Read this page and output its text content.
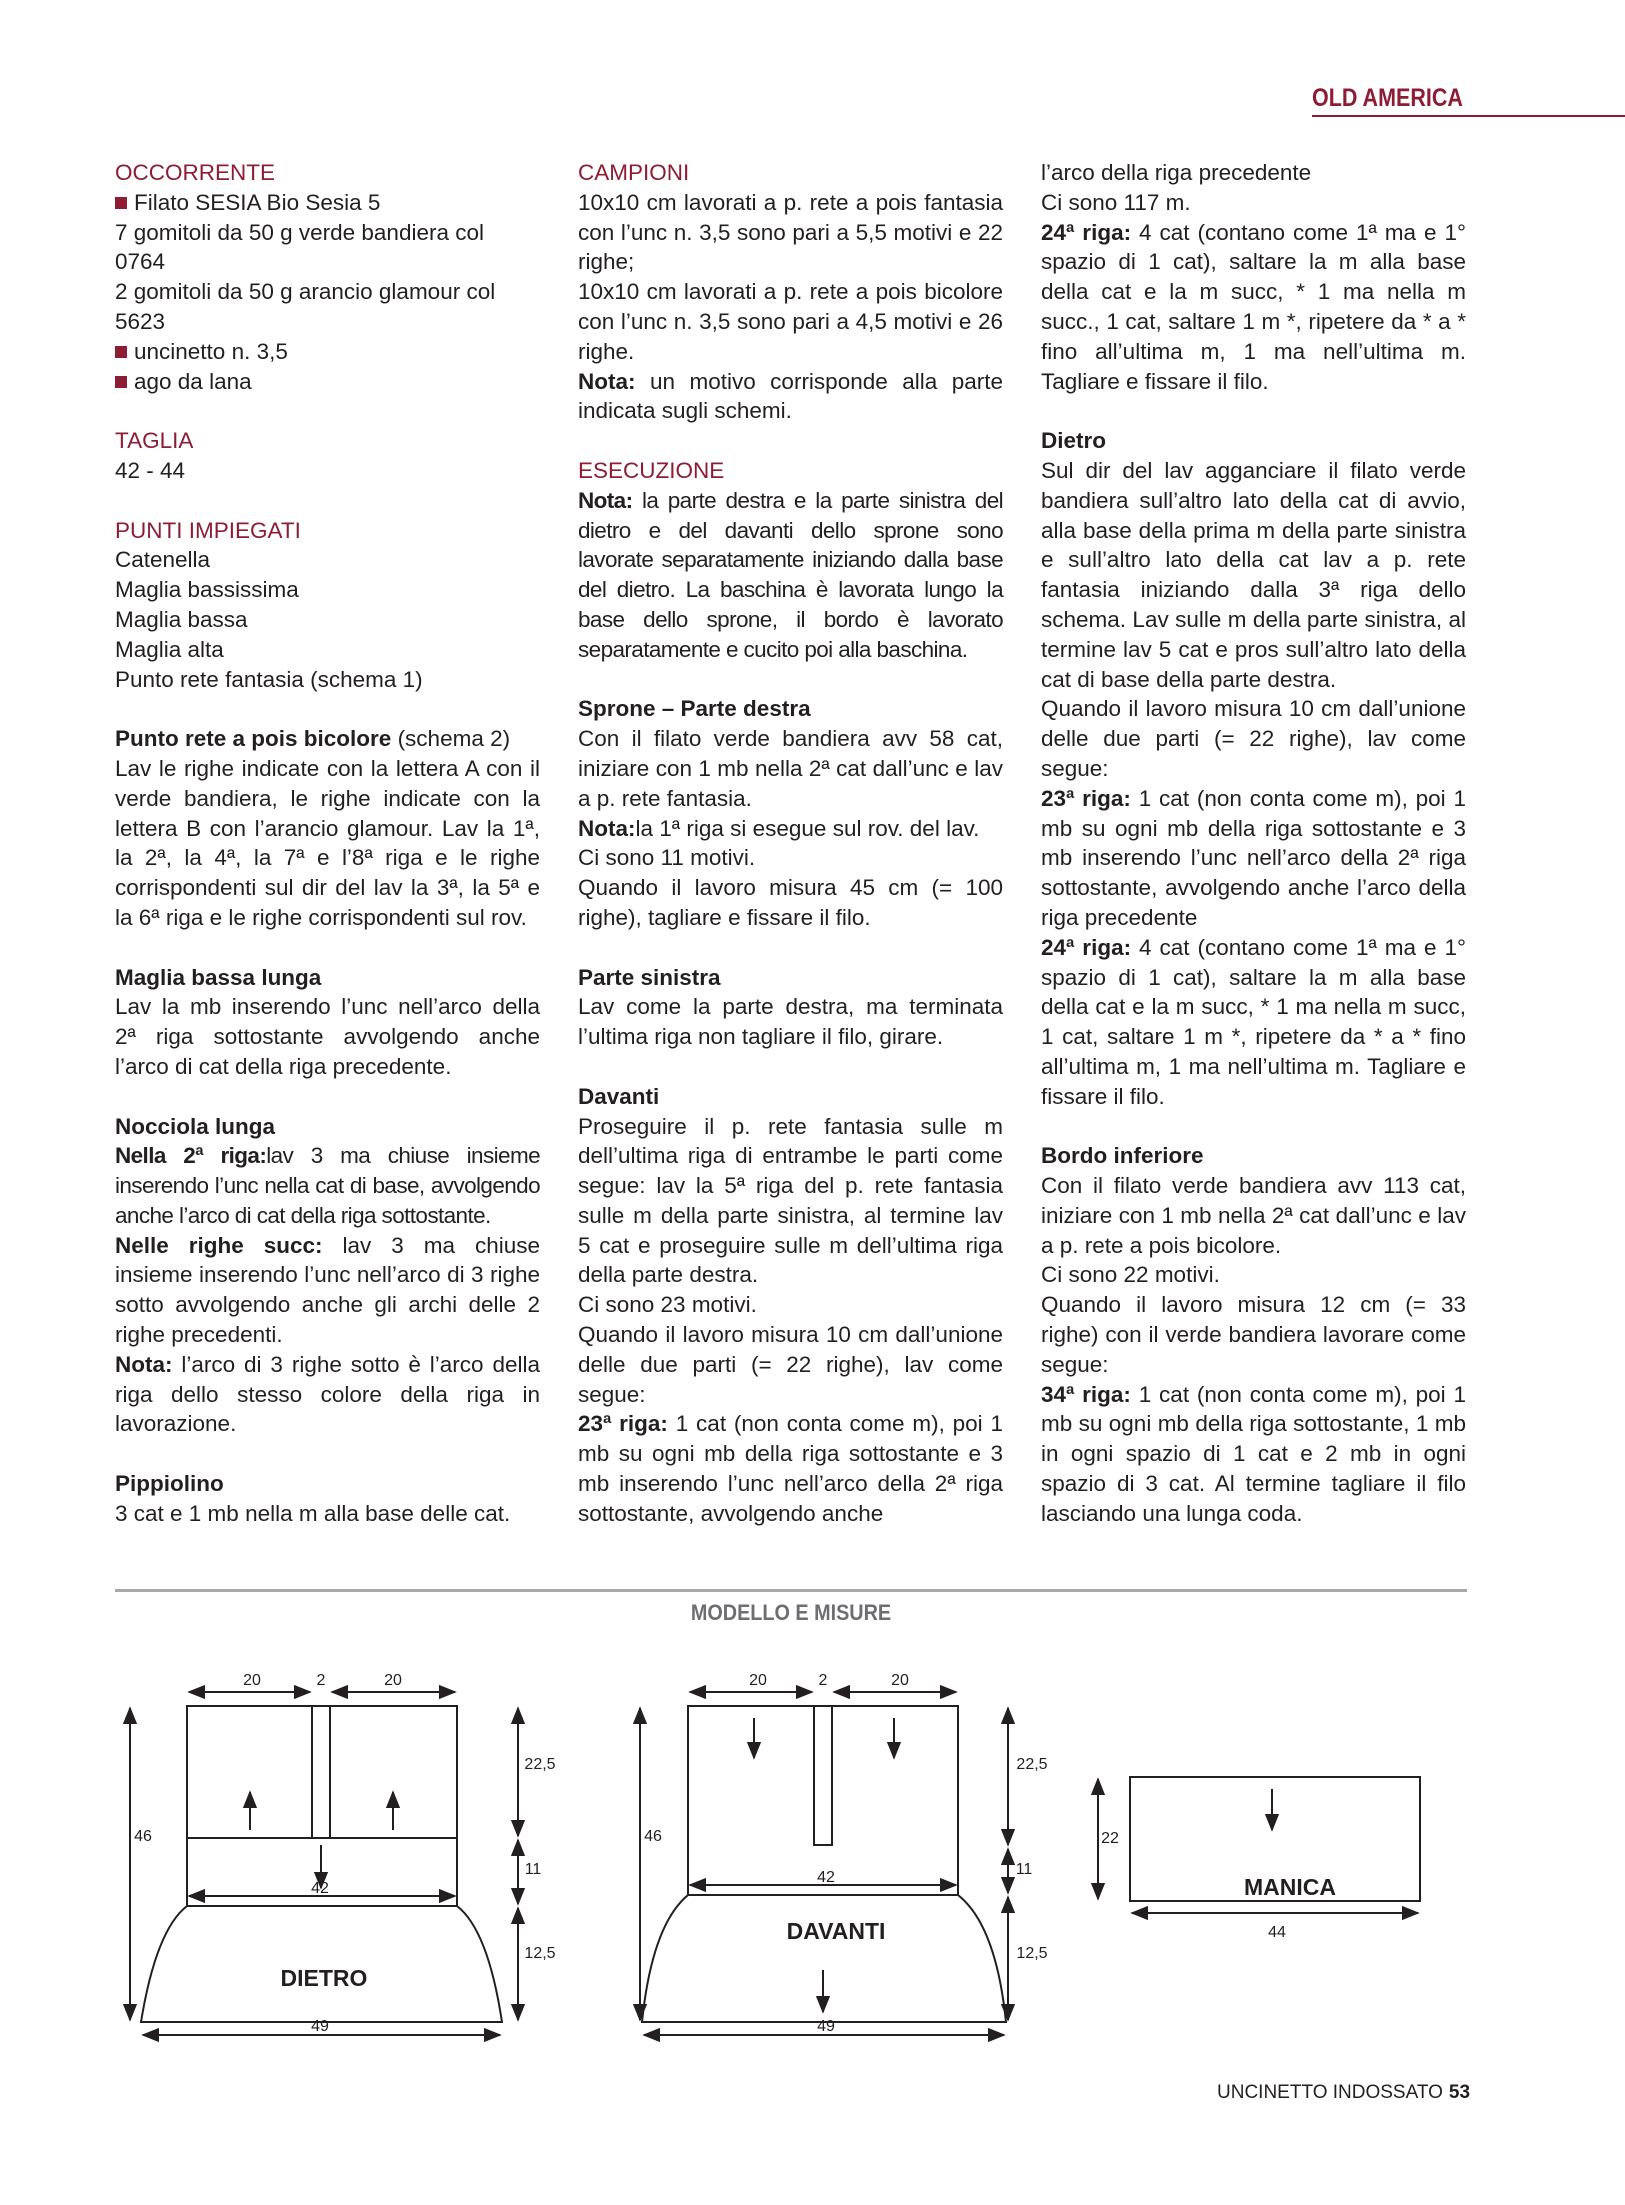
OLD AMERICA

OCCORRENTE

Filato SESIA Bio Sesia 5

7 gomitoli da 50 g verde bandiera col 0764

2 gomitoli da 50 g arancio glamour col 5623

uncinetto n. 3,5

ago da lana

TAGLIA

42 - 44

PUNTI IMPIEGATI

Catenella

Maglia bassissima

Maglia bassa

Maglia alta

Punto rete fantasia (schema 1)

Punto rete a pois bicolore (schema 2)

Lav le righe indicate con la lettera A con il verde bandiera, le righe indicate con la lettera B con l’arancio glamour. Lav la 1ª, la 2ª, la 4ª, la 7ª e l’8ª riga e le righe corrispondenti sul dir del lav la 3ª, la 5ª e la 6ª riga e le righe corrispondenti sul rov.

Maglia bassa lunga

Lav la mb inserendo l’unc nell’arco della 2ª riga sottostante avvolgendo anche l’arco di cat della riga precedente.

Nocciola lunga

Nella 2ª riga:lav 3 ma chiuse insieme inserendo l’unc nella cat di base, avvolgendo anche l’arco di cat della riga sottostante.

Nelle righe succ: lav 3 ma chiuse insieme inserendo l’unc nell’arco di 3 righe sotto avvolgendo anche gli archi delle 2 righe precedenti.

Nota: l’arco di 3 righe sotto è l’arco della riga dello stesso colore della riga in lavorazione.

Pippiolino

3 cat e 1 mb nella m alla base delle cat.

CAMPIONI

10x10 cm lavorati a p. rete a pois fantasia con l’unc n. 3,5 sono pari a 5,5 motivi e 22 righe;

10x10 cm lavorati a p. rete a pois bicolore con l’unc n. 3,5 sono pari a 4,5 motivi e 26 righe.

Nota: un motivo corrisponde alla parte indicata sugli schemi.

ESECUZIONE

Nota: la parte destra e la parte sinistra del dietro e del davanti dello sprone sono lavorate separatamente iniziando dalla base del dietro. La baschina è lavorata lungo la base dello sprone, il bordo è lavorato separatamente e cucito poi alla baschina.

Sprone – Parte destra

Con il filato verde bandiera avv 58 cat, iniziare con 1 mb nella 2ª cat dall’unc e lav a p. rete fantasia.

Nota:la 1ª riga si esegue sul rov. del lav.

Ci sono 11 motivi.

Quando il lavoro misura 45 cm (= 100 righe), tagliare e fissare il filo.

Parte sinistra

Lav come la parte destra, ma terminata l’ultima riga non tagliare il filo, girare.

Davanti

Proseguire il p. rete fantasia sulle m dell’ultima riga di entrambe le parti come segue: lav la 5ª riga del p. rete fantasia sulle m della parte sinistra, al termine lav 5 cat e proseguire sulle m dell’ultima riga della parte destra.

Ci sono 23 motivi.

Quando il lavoro misura 10 cm dall’unione delle due parti (= 22 righe), lav come segue:

23ª riga: 1 cat (non conta come m), poi 1 mb su ogni mb della riga sottostante e 3 mb inserendo l’unc nell’arco della 2ª riga sottostante, avvolgendo anche

l’arco della riga precedente

Ci sono 117 m.

24ª riga: 4 cat (contano come 1ª ma e 1° spazio di 1 cat), saltare la m alla base della cat e la m succ, * 1 ma nella m succ., 1 cat, saltare 1 m *, ripetere da * a * fino all’ultima m, 1 ma nell’ultima m. Tagliare e fissare il filo.

Dietro

Sul dir del lav agganciare il filato verde bandiera sull’altro lato della cat di avvio, alla base della prima m della parte sinistra e sull’altro lato della cat lav a p. rete fantasia iniziando dalla 3ª riga dello schema. Lav sulle m della parte sinistra, al termine lav 5 cat e pros sull’altro lato della cat di base della parte destra.

Quando il lavoro misura 10 cm dall’unione delle due parti (= 22 righe), lav come segue:

23ª riga: 1 cat (non conta come m), poi 1 mb su ogni mb della riga sottostante e 3 mb inserendo l’unc nell’arco della 2ª riga sottostante, avvolgendo anche l’arco della riga precedente

24ª riga: 4 cat (contano come 1ª ma e 1° spazio di 1 cat), saltare la m alla base della cat e la m succ, * 1 ma nella m succ, 1 cat, saltare 1 m *, ripetere da * a * fino all’ultima m, 1 ma nell’ultima m. Tagliare e fissare il filo.

Bordo inferiore

Con il filato verde bandiera avv 113 cat, iniziare con 1 mb nella 2ª cat dall’unc e lav a p. rete a pois bicolore.

Ci sono 22 motivi.

Quando il lavoro misura 12 cm (= 33 righe) con il verde bandiera lavorare come segue:

34ª riga: 1 cat (non conta come m), poi 1 mb su ogni mb della riga sottostante, 1 mb in ogni spazio di 1 cat e 2 mb in ogni spazio di 3 cat. Al termine tagliare il filo lasciando una lunga coda.

MODELLO E MISURE
20	2	20
46
22,5
11
12,5
42
49
DIETRO
20	2	20
46
22,5
11
12,5
42
49
DAVANTI
22
44
MANICA
UNCINETTO INDOSSATO 53
